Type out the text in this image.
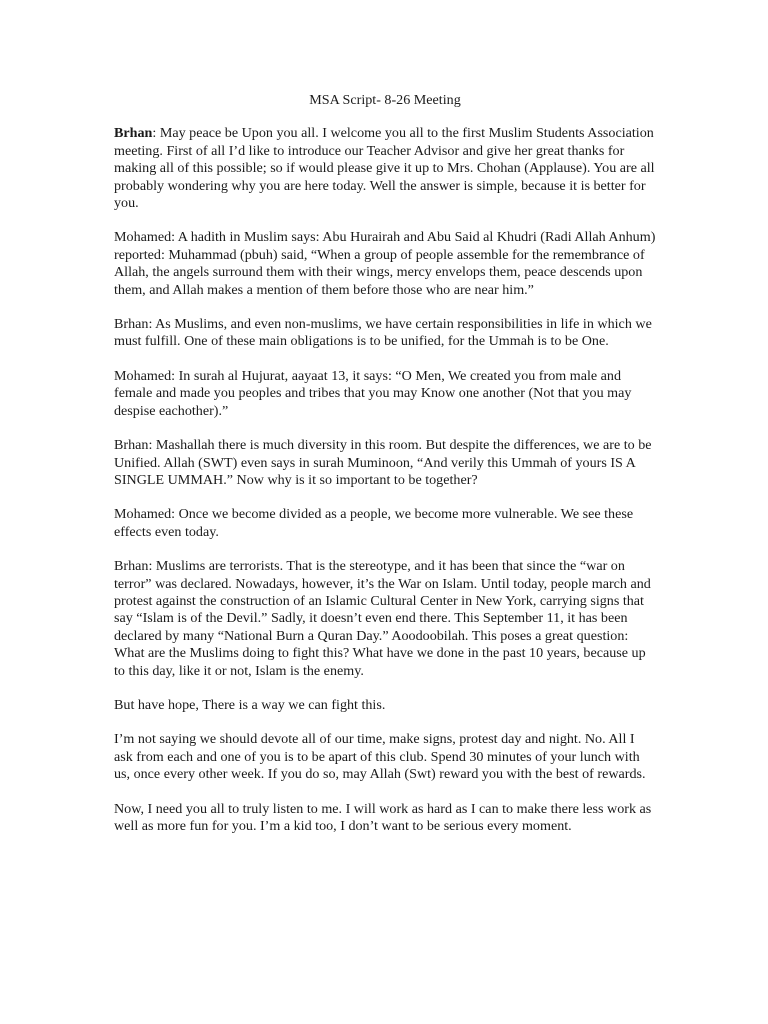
MSA Script- 8-26 Meeting

Brhan: May peace be Upon you all. I welcome you all to the first Muslim Students Association meeting. First of all I’d like to introduce our Teacher Advisor and give her great thanks for making all of this possible; so if would please give it up to Mrs. Chohan (Applause). You are all probably wondering why you are here today. Well the answer is simple, because it is better for you.

Mohamed: A hadith in Muslim says: Abu Hurairah and Abu Said al Khudri (Radi Allah Anhum) reported: Muhammad (pbuh) said, “When a group of people assemble for the remembrance of Allah, the angels surround them with their wings, mercy envelops them, peace descends upon them, and Allah makes a mention of them before those who are near him.”

Brhan: As Muslims, and even non-muslims, we have certain responsibilities in life in which we must fulfill. One of these main obligations is to be unified, for the Ummah is to be One.

Mohamed: In surah al Hujurat, aayaat 13, it says: “O Men, We created you from male and female and made you peoples and tribes that you may Know one another (Not that you may despise eachother).”

Brhan: Mashallah there is much diversity in this room. But despite the differences, we are to be Unified. Allah (SWT) even says in surah Muminoon, “And verily this Ummah of yours IS A SINGLE UMMAH.” Now why is it so important to be together?

Mohamed: Once we become divided as a people, we become more vulnerable. We see these effects even today.

Brhan: Muslims are terrorists. That is the stereotype, and it has been that since the “war on terror” was declared. Nowadays, however, it’s the War on Islam. Until today, people march and protest against the construction of an Islamic Cultural Center in New York, carrying signs that say “Islam is of the Devil.” Sadly, it doesn’t even end there. This September 11, it has been declared by many “National Burn a Quran Day.” Aoodoobilah. This poses a great question: What are the Muslims doing to fight this? What have we done in the past 10 years, because up to this day, like it or not, Islam is the enemy.

But have hope, There is a way we can fight this.

I’m not saying we should devote all of our time, make signs, protest day and night. No. All I ask from each and one of you is to be apart of this club. Spend 30 minutes of your lunch with us, once every other week. If you do so, may Allah (Swt) reward you with the best of rewards.

Now, I need you all to truly listen to me. I will work as hard as I can to make there less work as well as more fun for you. I’m a kid too, I don’t want to be serious every moment.
